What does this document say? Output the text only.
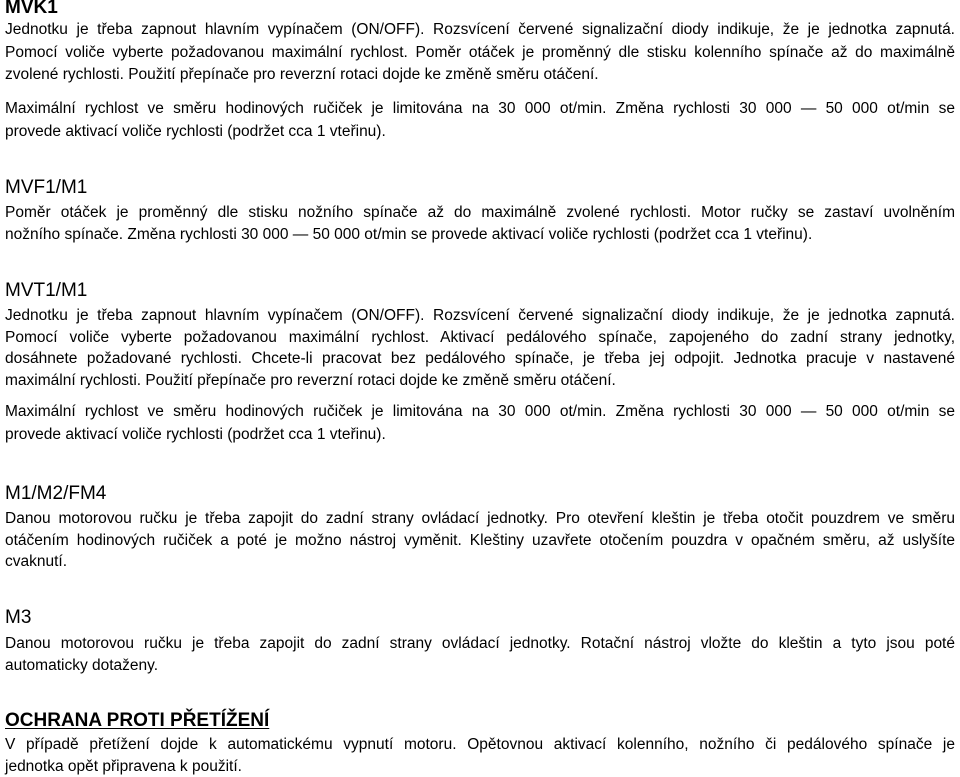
MVK1
Jednotku je třeba zapnout hlavním vypínačem (ON/OFF). Rozsvícení červené signalizační diody indikuje, že je jednotka zapnutá.
Pomocí voliče vyberte požadovanou maximální rychlost. Poměr otáček je proměnný dle stisku kolenního spínače až do maximálně
zvolené rychlosti. Použití přepínače pro reverzní rotaci dojde ke změně směru otáčení.
Maximální rychlost ve směru hodinových ručiček je limitována na 30 000 ot/min. Změna rychlosti 30 000 — 50 000 ot/min se
provede aktivací voliče rychlosti (podržet cca 1 vteřinu).
MVF1/M1
Poměr otáček je proměnný dle stisku nožního spínače až do maximálně zvolené rychlosti. Motor ručky se zastaví uvolněním
nožního spínače. Změna rychlosti 30 000 — 50 000 ot/min se provede aktivací voliče rychlosti (podržet cca 1 vteřinu).
MVT1/M1
Jednotku je třeba zapnout hlavním vypínačem (ON/OFF). Rozsvícení červené signalizační diody indikuje, že je jednotka zapnutá.
Pomocí voliče vyberte požadovanou maximální rychlost. Aktivací pedálového spínače, zapojeného do zadní strany jednotky,
dosáhnete požadované rychlosti. Chcete-li pracovat bez pedálového spínače, je třeba jej odpojit. Jednotka pracuje v nastavené
maximální rychlosti. Použití přepínače pro reverzní rotaci dojde ke změně směru otáčení.
Maximální rychlost ve směru hodinových ručiček je limitována na 30 000 ot/min. Změna rychlosti 30 000 — 50 000 ot/min se
provede aktivací voliče rychlosti (podržet cca 1 vteřinu).
M1/M2/FM4
Danou motorovou ručku je třeba zapojit do zadní strany ovládací jednotky. Pro otevření kleštin je třeba otočit pouzdrem ve směru
otáčením hodinových ručiček a poté je možno nástroj vyměnit. Kleštiny uzavřete otočením pouzdra v opačném směru, až uslyšíte
cvaknutí.
M3
Danou motorovou ručku je třeba zapojit do zadní strany ovládací jednotky. Rotační nástroj vložte do kleštin a tyto jsou poté
automaticky dotaženy.
OCHRANA PROTI PŘETÍŽENÍ
V případě přetížení dojde k automatickému vypnutí motoru. Opětovnou aktivací kolenního, nožního či pedálového spínače je
jednotka opět připravena k použití.
